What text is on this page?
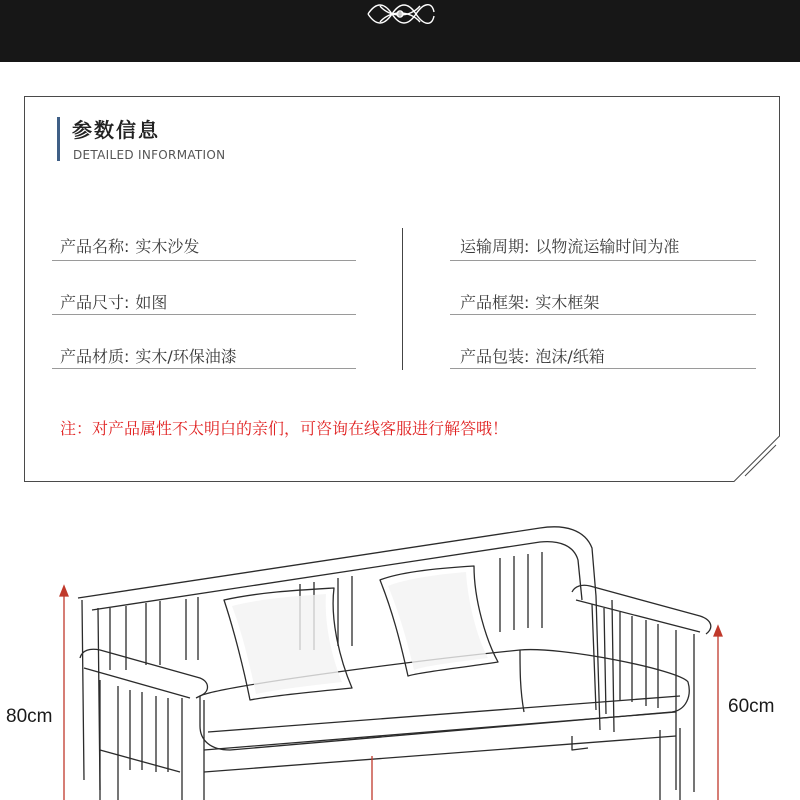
参数信息
DETAILED INFORMATION
产品名称: 实木沙发
产品尺寸: 如图
产品材质: 实木/环保油漆
运输周期: 以物流运输时间为准
产品框架: 实木框架
产品包装: 泡沫/纸箱
注：对产品属性不太明白的亲们，可咨询在线客服进行解答哦！
80cm	60cm
